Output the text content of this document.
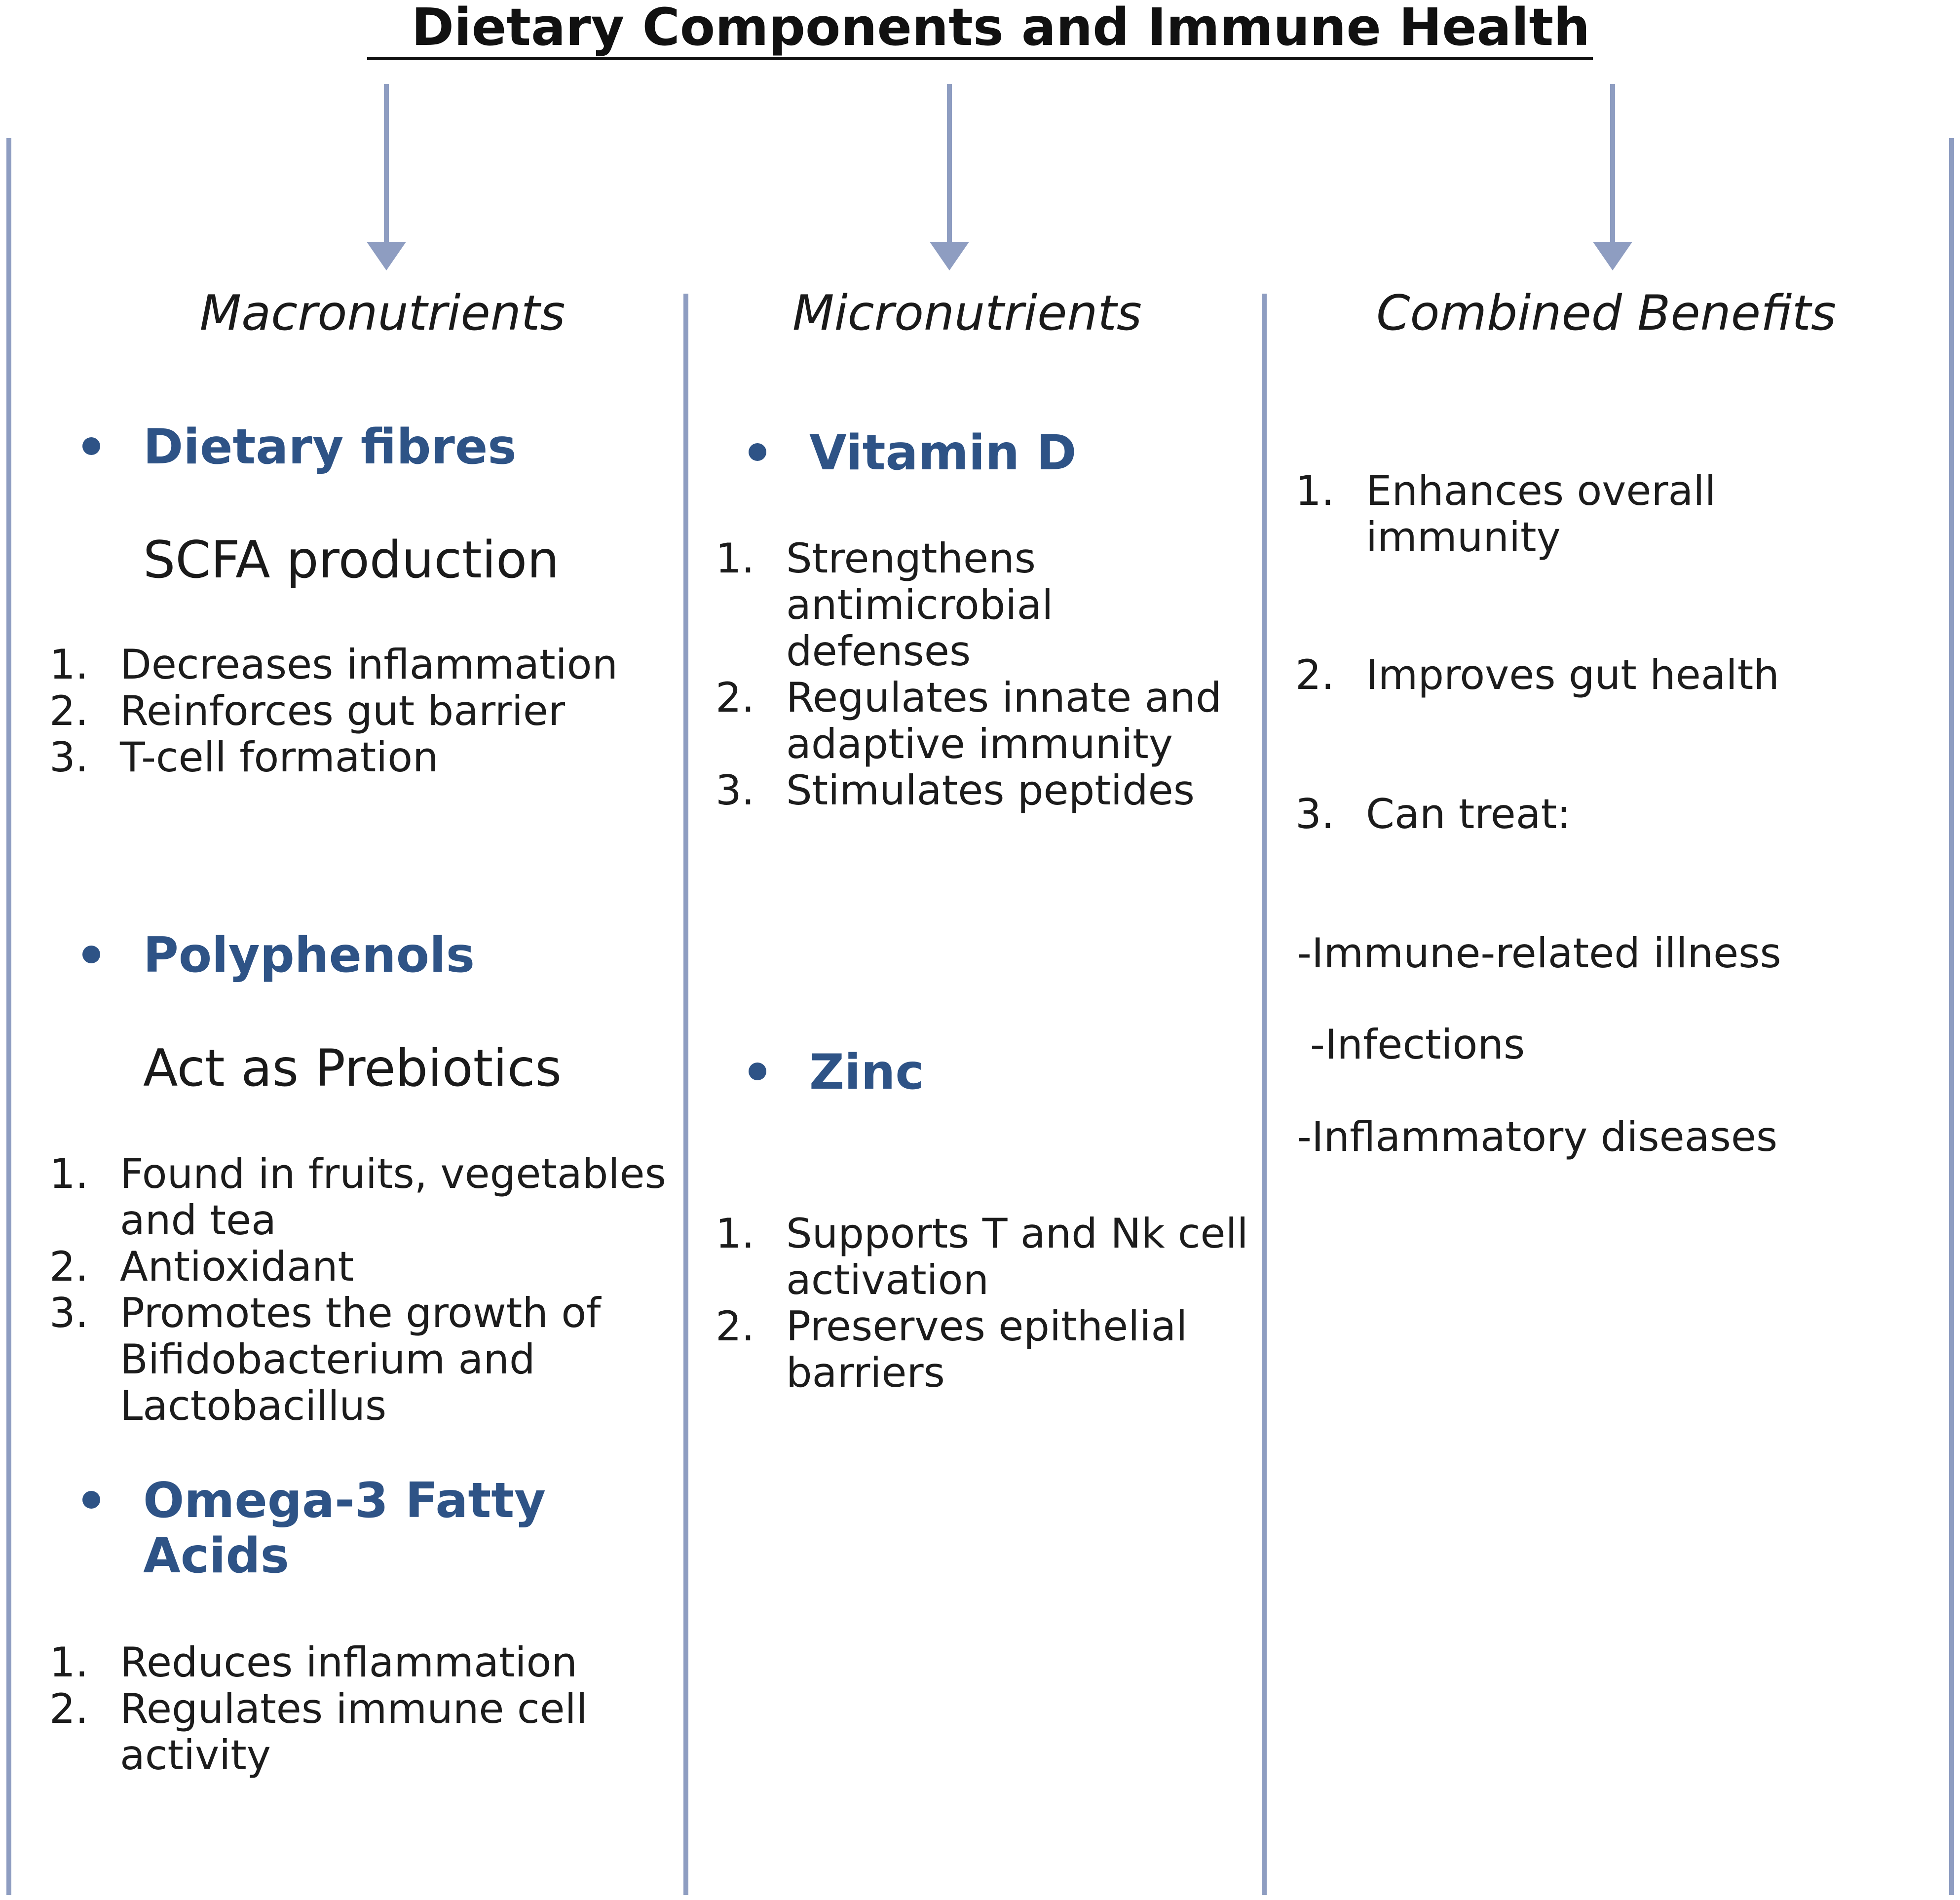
Dietary Components and Immune Health
Macronutrients	Micronutrients	Combined Benefits
Dietary fibres
SCFA production
1. Decreases inflammation
2. Reinforces gut barrier
3. T-cell formation
Polyphenols
Act as Prebiotics
1. Found in fruits, vegetables and tea
2. Antioxidant
3. Promotes the growth of Bifidobacterium and Lactobacillus
Omega-3 Fatty Acids
1. Reduces inflammation
2. Regulates immune cell activity
Vitamin D
1. Strengthens antimicrobial defenses
2. Regulates innate and adaptive immunity
3. Stimulates peptides
Zinc
1. Supports T and Nk cell activation
2. Preserves epithelial barriers
1. Enhances overall immunity
2. Improves gut health
3. Can treat:
-Immune-related illness
-Infections
-Inflammatory diseases
